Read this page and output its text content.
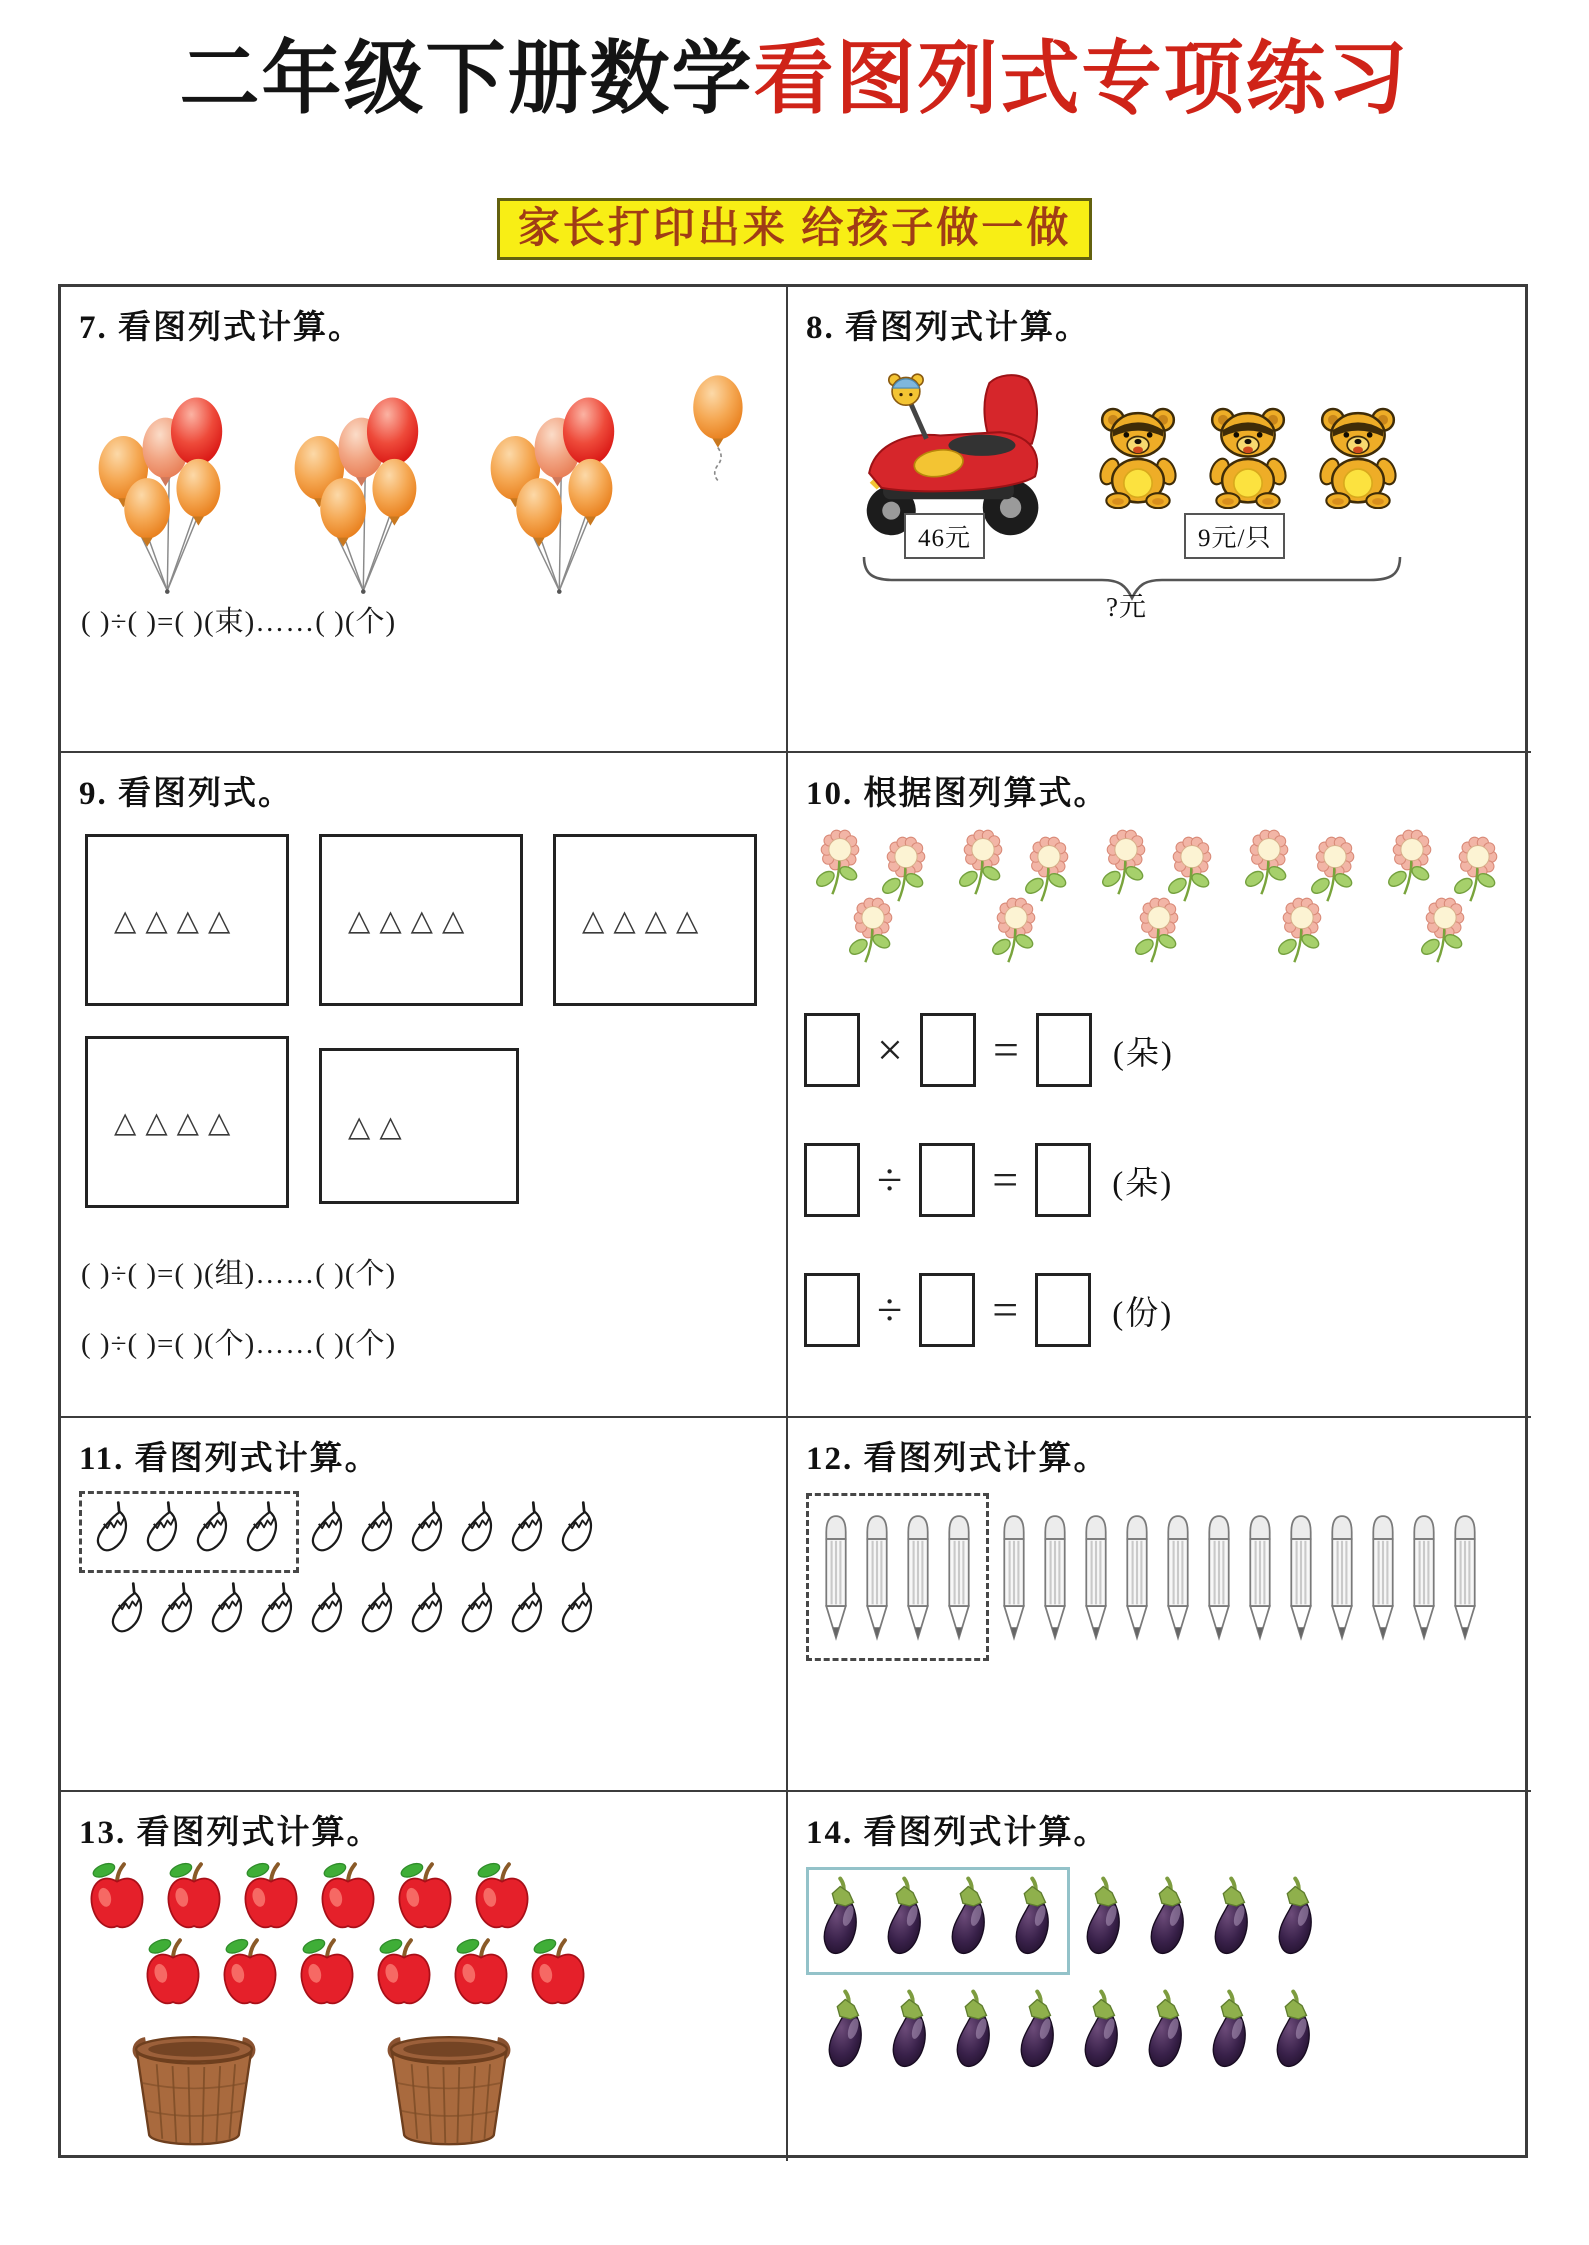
二年级下册数学看图列式专项练习
家长打印出来 给孩子做一做
7. 看图列式计算。
( )÷( )=( )(束)……( )(个)
8. 看图列式计算。
46元	9元/只
?元
9. 看图列式。
△△△△	△△△△	△△△△
△△△△	△△
( )÷( )=( )(组)……( )(个)
( )÷( )=( )(个)……( )(个)
10. 根据图列算式。
× =	(朵)
÷ =	(朵)
÷ =	(份)
11. 看图列式计算。	12. 看图列式计算。
13. 看图列式计算。	14. 看图列式计算。
